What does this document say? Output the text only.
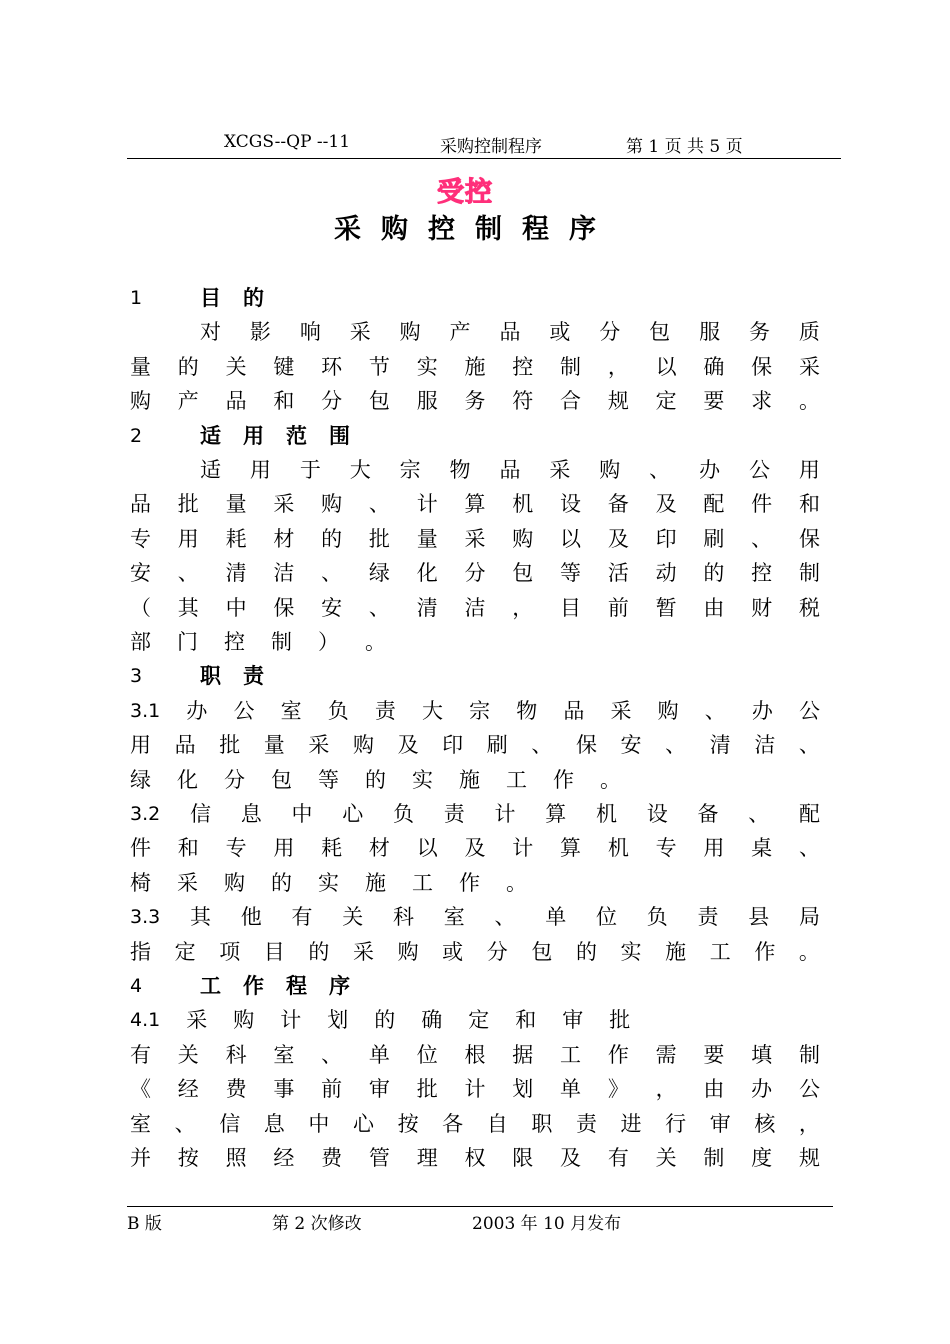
XCGS--QP --11	采购控制程序	第 1 页 共 5 页
受控
采购控制程序
1	目的
对 影 响 采 购 产 品 或 分 包 服 务 质
量 的 关 键 环 节 实 施 控 制 ， 以 确 保 采
购 产 品 和 分 包 服 务 符 合 规 定 要 求 。
2	适用范围
适 用 于 大 宗 物 品 采 购 、 办 公 用
品 批 量 采 购 、 计 算 机 设 备 及 配 件 和
专 用 耗 材 的 批 量 采 购 以 及 印 刷 、 保
安 、 清 洁 、 绿 化 分 包 等 活 动 的 控 制
（ 其 中 保 安 、 清 洁 ， 目 前 暂 由 财 税
部 门 控 制 ） 。
3	职责
3.1 办 公 室 负 责 大 宗 物 品 采 购 、 办 公
用 品 批 量 采 购 及 印 刷 、 保 安 、 清 洁 、
绿 化 分 包 等 的 实 施 工 作 。
3.2 信 息 中 心 负 责 计 算 机 设 备 、 配
件 和 专 用 耗 材 以 及 计 算 机 专 用 桌 、
椅 采 购 的 实 施 工 作 。
3.3 其 他 有 关 科 室 、 单 位 负 责 县 局
指 定 项 目 的 采 购 或 分 包 的 实 施 工 作 。
4	工作程序
4.1 采 购 计 划 的 确 定 和 审 批
有 关 科 室 、 单 位 根 据 工 作 需 要 填 制
《 经 费 事 前 审 批 计 划 单 》 ， 由 办 公
室 、 信 息 中 心 按 各 自 职 责 进 行 审 核 ，
并 按 照 经 费 管 理 权 限 及 有 关 制 度 规
B 版	第 2 次修改	2003 年 10 月发布
